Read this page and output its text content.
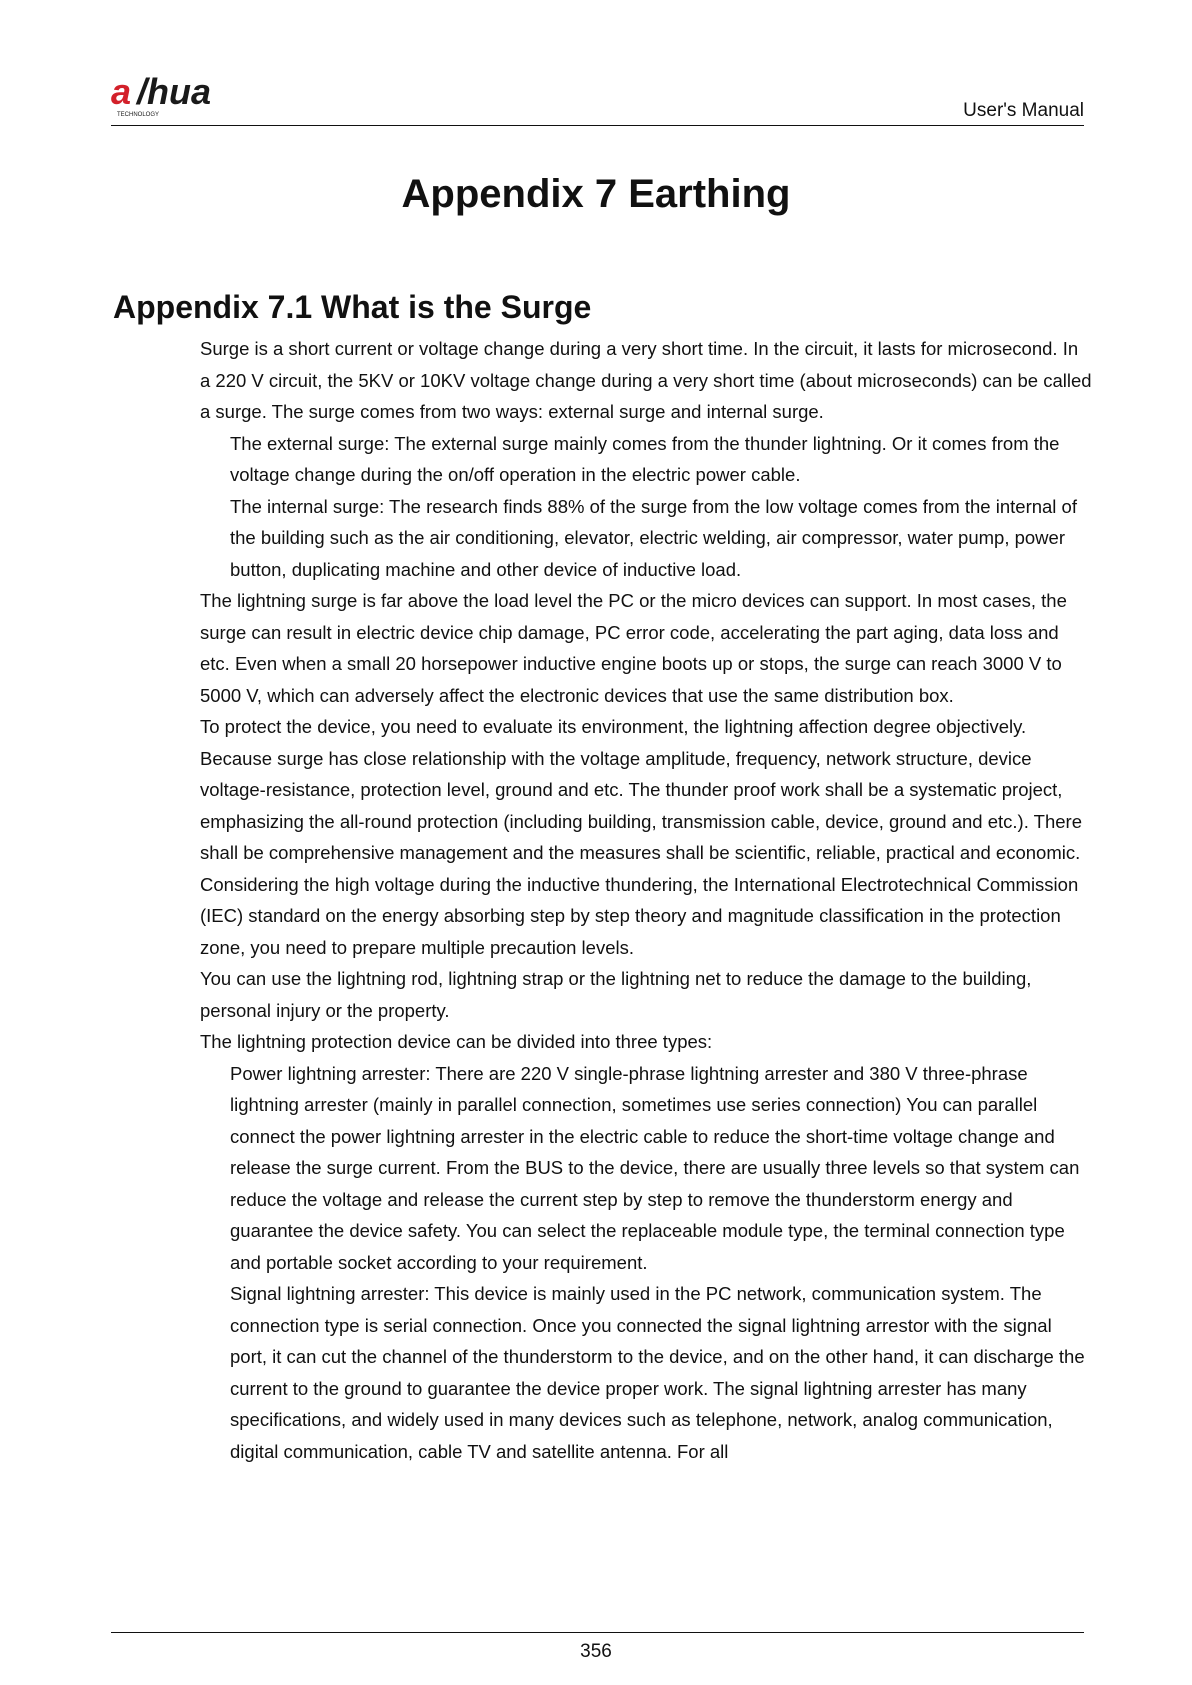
a /hua
TECHNOLOGY	User's Manual
Appendix 7 Earthing
Appendix 7.1 What is the Surge

Surge is a short current or voltage change during a very short time. In the circuit, it lasts for microsecond. In a 220 V circuit, the 5KV or 10KV voltage change during a very short time (about microseconds) can be called a surge. The surge comes from two ways: external surge and internal surge.

The external surge: The external surge mainly comes from the thunder lightning. Or it comes from the voltage change during the on/off operation in the electric power cable.

The internal surge: The research finds 88% of the surge from the low voltage comes from the internal of the building such as the air conditioning, elevator, electric welding, air compressor, water pump, power button, duplicating machine and other device of inductive load.

The lightning surge is far above the load level the PC or the micro devices can support. In most cases, the surge can result in electric device chip damage, PC error code, accelerating the part aging, data loss and etc. Even when a small 20 horsepower inductive engine boots up or stops, the surge can reach 3000 V to 5000 V, which can adversely affect the electronic devices that use the same distribution box.

To protect the device, you need to evaluate its environment, the lightning affection degree objectively. Because surge has close relationship with the voltage amplitude, frequency, network structure, device voltage-resistance, protection level, ground and etc. The thunder proof work shall be a systematic project, emphasizing the all-round protection (including building, transmission cable, device, ground and etc.). There shall be comprehensive management and the measures shall be scientific, reliable, practical and economic. Considering the high voltage during the inductive thundering, the International Electrotechnical Commission (IEC) standard on the energy absorbing step by step theory and magnitude classification in the protection zone, you need to prepare multiple precaution levels.

You can use the lightning rod, lightning strap or the lightning net to reduce the damage to the building, personal injury or the property.

The lightning protection device can be divided into three types:

Power lightning arrester: There are 220 V single-phrase lightning arrester and 380 V three-phrase lightning arrester (mainly in parallel connection, sometimes use series connection) You can parallel connect the power lightning arrester in the electric cable to reduce the short-time voltage change and release the surge current. From the BUS to the device, there are usually three levels so that system can reduce the voltage and release the current step by step to remove the thunderstorm energy and guarantee the device safety. You can select the replaceable module type, the terminal connection type and portable socket according to your requirement.

Signal lightning arrester: This device is mainly used in the PC network, communication system. The connection type is serial connection. Once you connected the signal lightning arrestor with the signal port, it can cut the channel of the thunderstorm to the device, and on the other hand, it can discharge the current to the ground to guarantee the device proper work. The signal lightning arrester has many specifications, and widely used in many devices such as telephone, network, analog communication, digital communication, cable TV and satellite antenna. For all

356
